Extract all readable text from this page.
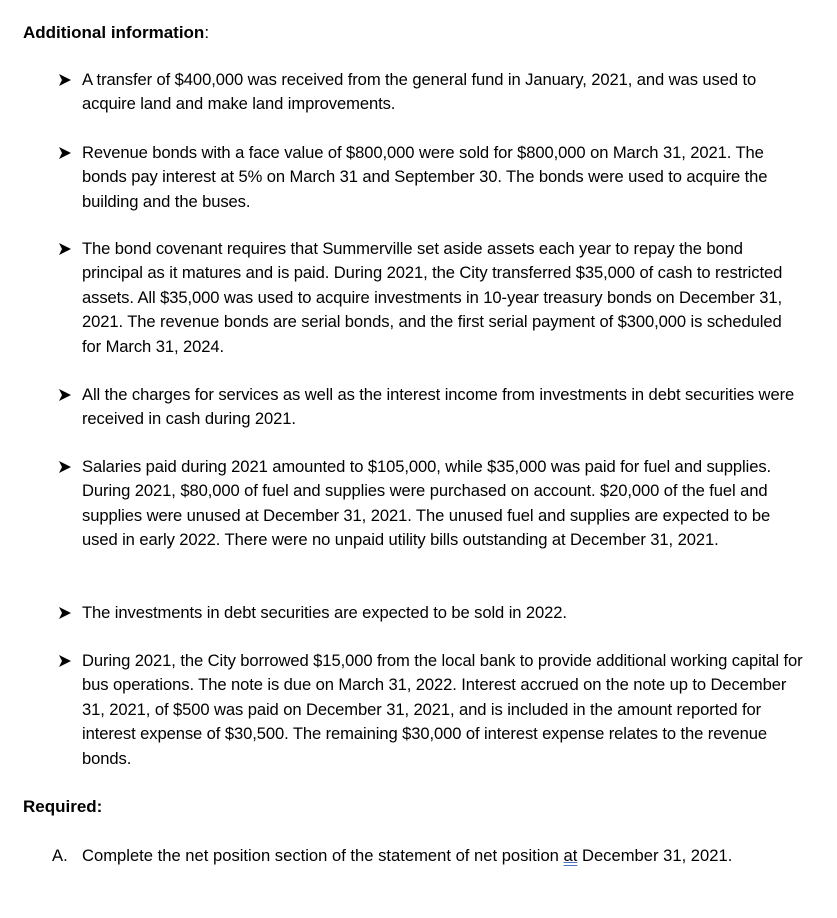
Additional information:
A transfer of $400,000 was received from the general fund in January, 2021, and was used to acquire land and make land improvements.
Revenue bonds with a face value of $800,000 were sold for $800,000 on March 31, 2021. The bonds pay interest at 5% on March 31 and September 30. The bonds were used to acquire the building and the buses.
The bond covenant requires that Summerville set aside assets each year to repay the bond principal as it matures and is paid. During 2021, the City transferred $35,000 of cash to restricted assets. All $35,000 was used to acquire investments in 10-year treasury bonds on December 31, 2021. The revenue bonds are serial bonds, and the first serial payment of $300,000 is scheduled for March 31, 2024.
All the charges for services as well as the interest income from investments in debt securities were received in cash during 2021.
Salaries paid during 2021 amounted to $105,000, while $35,000 was paid for fuel and supplies. During 2021, $80,000 of fuel and supplies were purchased on account. $20,000 of the fuel and supplies were unused at December 31, 2021. The unused fuel and supplies are expected to be used in early 2022. There were no unpaid utility bills outstanding at December 31, 2021.
The investments in debt securities are expected to be sold in 2022.
During 2021, the City borrowed $15,000 from the local bank to provide additional working capital for bus operations. The note is due on March 31, 2022. Interest accrued on the note up to December 31, 2021, of $500 was paid on December 31, 2021, and is included in the amount reported for interest expense of $30,500. The remaining $30,000 of interest expense relates to the revenue bonds.
Required:
A. Complete the net position section of the statement of net position at December 31, 2021.
